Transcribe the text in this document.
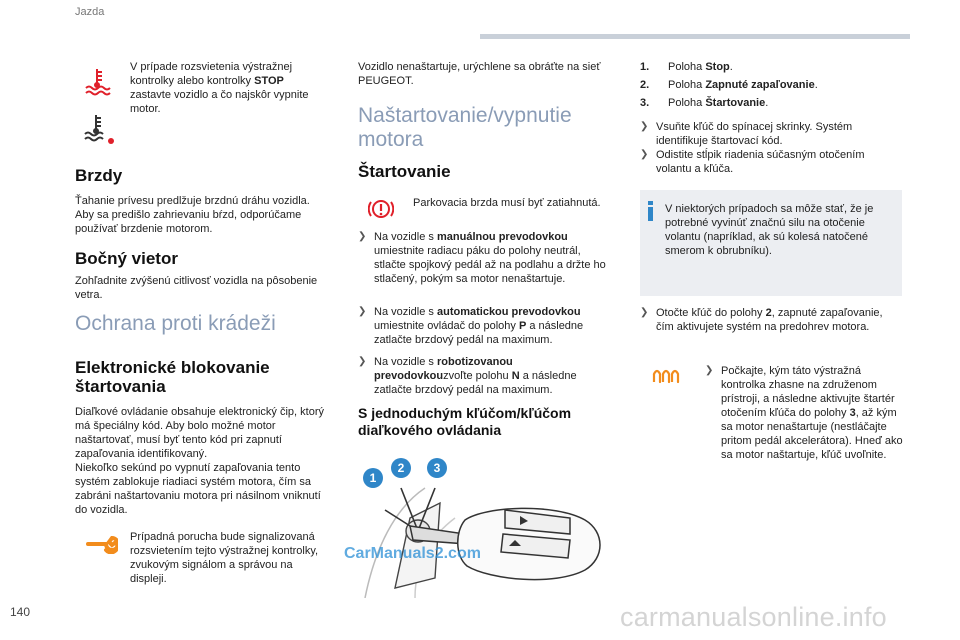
Jazda
140	carmanualsonline.info
V prípade rozsvietenia výstražnej kontrolky alebo kontrolky STOP zastavte vozidlo a čo najskôr vypnite motor.
Brzdy
Ťahanie prívesu predlžuje brzdnú dráhu vozidla. Aby sa predišlo zahrievaniu bŕzd, odporúčame používať brzdenie motorom.
Bočný vietor
Zohľadnite zvýšenú citlivosť vozidla na pôsobenie vetra.
Ochrana proti krádeži
Elektronické blokovanie
štartovania
Diaľkové ovládanie obsahuje elektronický čip, ktorý má špeciálny kód. Aby bolo možné motor naštartovať, musí byť tento kód pri zapnutí zapaľovania identifikovaný.
Niekoľko sekúnd po vypnutí zapaľovania tento systém zablokuje riadiaci systém motora, čím sa zabráni naštartovaniu motora pri násilnom vniknutí do vozidla.
Prípadná porucha bude signalizovaná rozsvietením tejto výstražnej kontrolky, zvukovým signálom a správou na displeji.
Vozidlo nenaštartuje, urýchlene sa obráťte na sieť PEUGEOT.
Naštartovanie/vypnutie
motora
Štartovanie
Parkovacia brzda musí byť zatiahnutá.
❯ Na vozidle s manuálnou prevodovkou umiestnite radiacu páku do polohy neutrál, stlačte spojkový pedál až na podlahu a držte ho stlačený, pokým sa motor nenaštartuje.
❯ Na vozidle s automatickou prevodovkou umiestnite ovládač do polohy P a následne zatlačte brzdový pedál na maximum.
❯ Na vozidle s robotizovanou prevodovkouzvoľte polohu N a následne zatlačte brzdový pedál na maximum.
S jednoduchým kľúčom/kľúčom
diaľkového ovládania
1
2 3
CarManuals2.com
1.	Poloha Stop.
2.	Poloha Zapnuté zapaľovanie.
3.	Poloha Štartovanie.
❯ Vsuňte kľúč do spínacej skrinky. Systém identifikuje štartovací kód.
❯ Odistite stĺpik riadenia súčasným otočením volantu a kľúča.
V niektorých prípadoch sa môže stať, že je potrebné vyvinúť značnú silu na otočenie volantu (napríklad, ak sú kolesá natočené smerom k obrubníku).
❯ Otočte kľúč do polohy 2, zapnuté zapaľovanie, čím aktivujete systém na predohrev motora.
❯ Počkajte, kým táto výstražná kontrolka zhasne na združenom prístroji, a následne aktivujte štartér otočením kľúča do polohy 3, až kým sa motor nenaštartuje (nestláčajte pritom pedál akcelerátora). Hneď ako sa motor naštartuje, kľúč uvoľnite.
